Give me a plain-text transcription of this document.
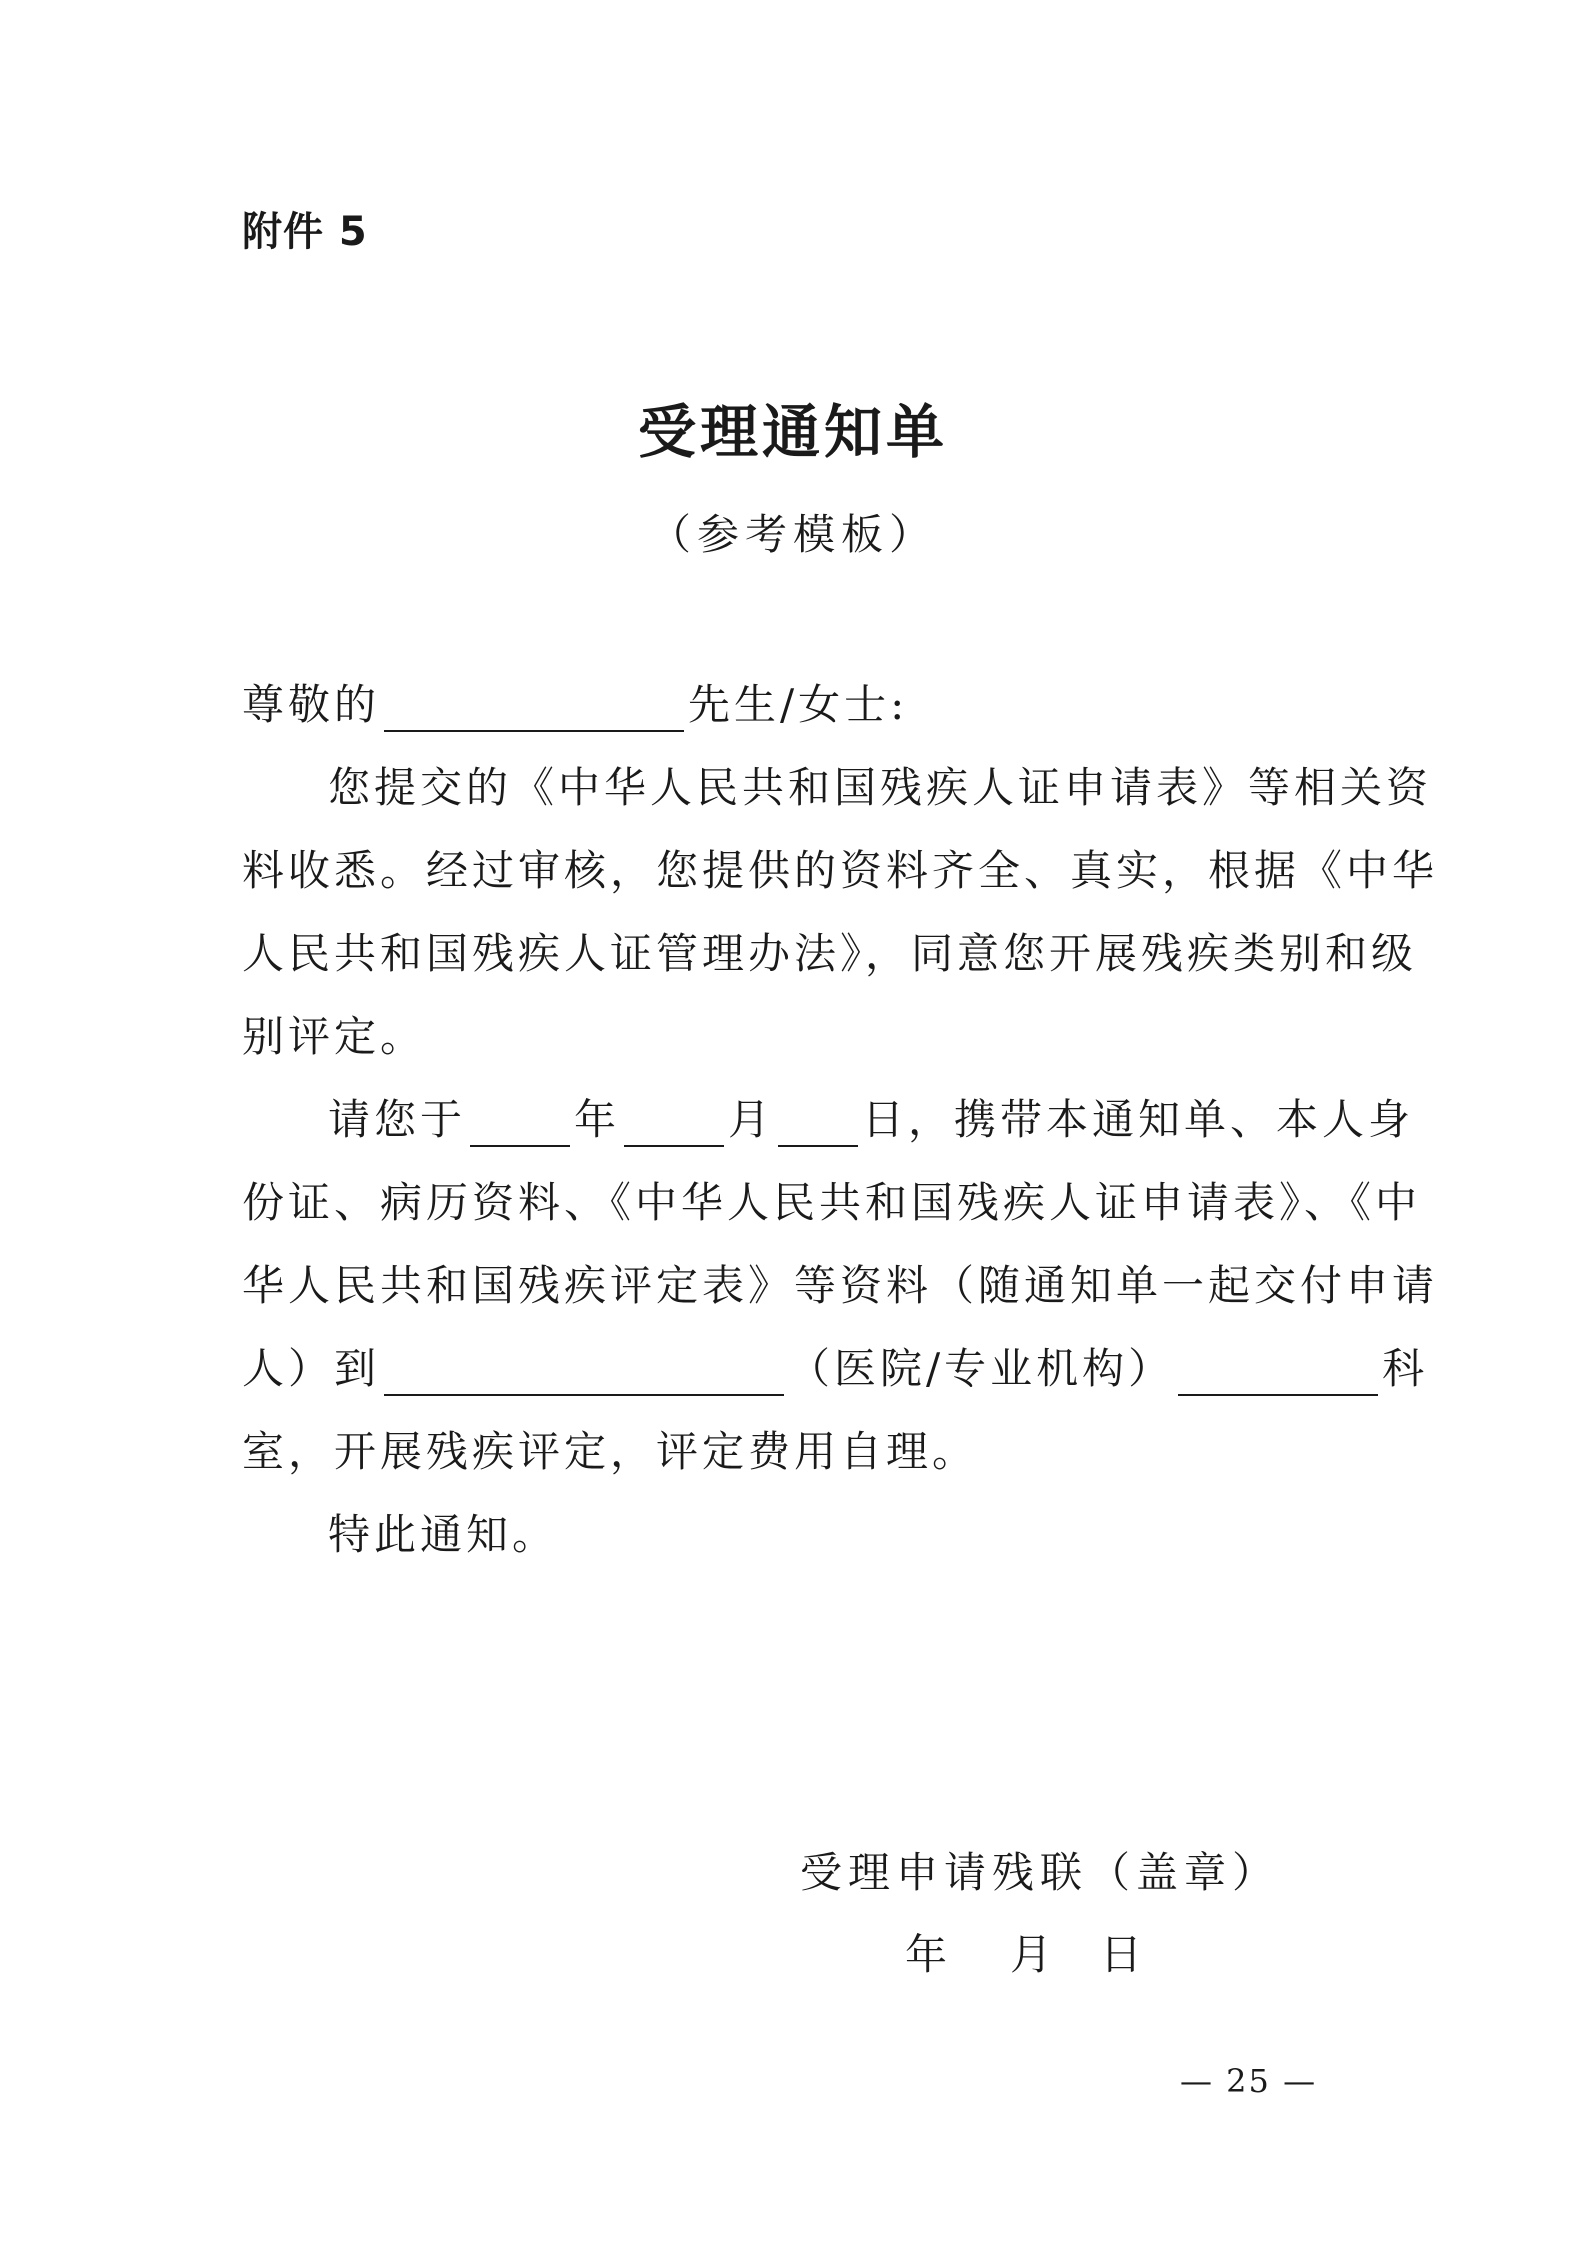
附件 5
受理通知单
（参考模板）
尊敬的	先生/女士:
您提交的《中华人民共和国残疾人证申请表》等相关资
料收悉。经过审核，您提供的资料齐全、真实，根据《中华
人民共和国残疾人证管理办法》，同意您开展残疾类别和级
别评定。
请您于	年	月 日，携带本通知单、本人身
份证、病历资料、《中华人民共和国残疾人证申请表》、《中
华人民共和国残疾评定表》等资料（随通知单一起交付申请
人）到	（医院/专业机构）	科
室，开展残疾评定，评定费用自理。
特此通知。
受理申请残联（盖章）
年 月 日
— 25 —
